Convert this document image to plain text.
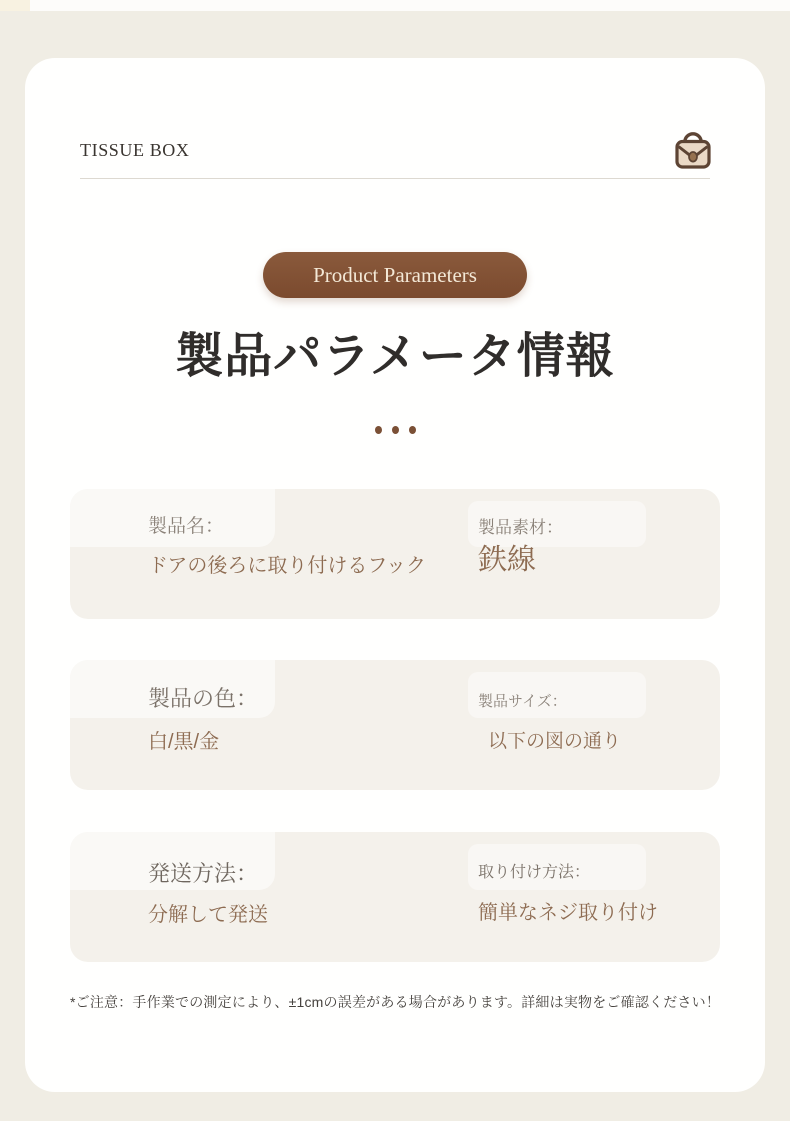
TISSUE BOX
Product Parameters
製品パラメータ情報
製品名：
ドアの後ろに取り付けるフック
製品素材：
鉄線
製品の色：
白/黒/金
製品サイズ：
以下の図の通り
発送方法：
分解して発送
取り付け方法：
簡単なネジ取り付け

*ご注意：手作業での測定により、±1cmの誤差がある場合があります。詳細は実物をご確認ください！
